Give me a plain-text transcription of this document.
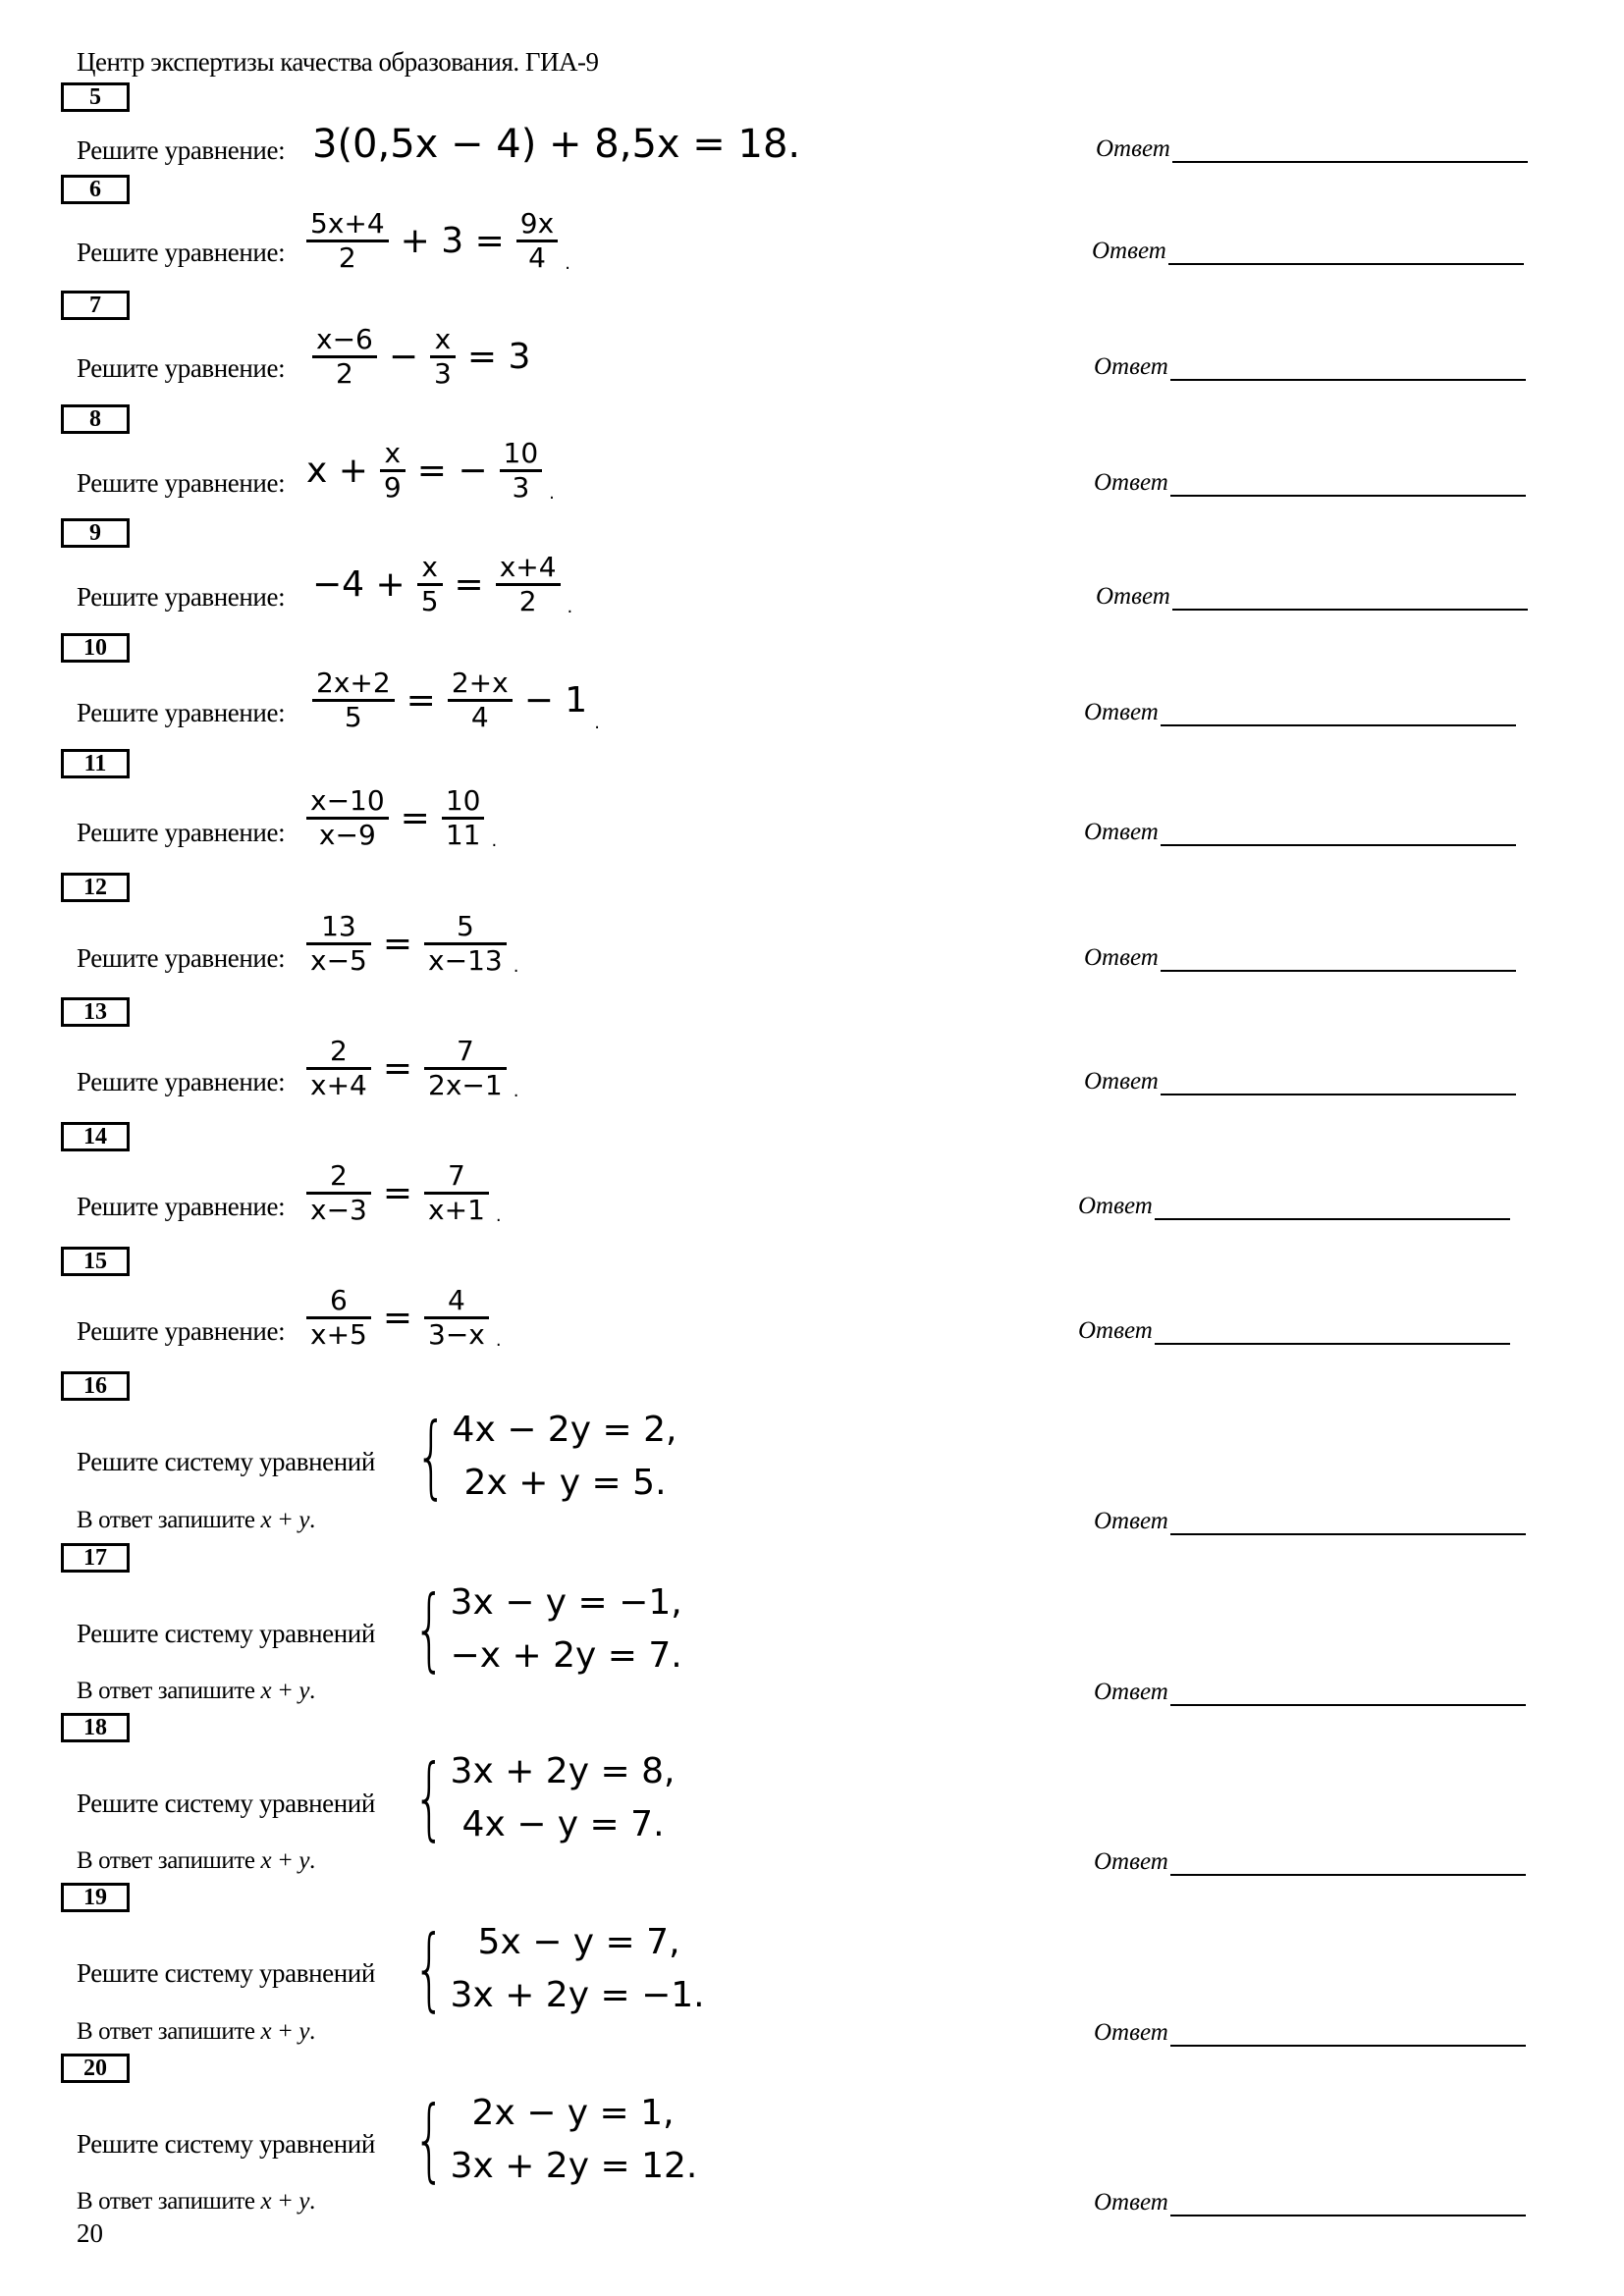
Центр экспертизы качества образования. ГИА-9
5
Решите уравнение: 3(0,5x − 4) + 8,5x = 18.	Ответ
6
Решите уравнение: $\frac{5x+4}{2} + 3 = \frac{9x}{4}$ .	Ответ
7
Решите уравнение: $\frac{x-6}{2} - \frac{x}{3} = 3$	Ответ
8
Решите уравнение: $x + \frac{x}{9}$ = − $\frac{10}{3}$ .	Ответ
9
Решите уравнение: $-4 + \frac{x}{5} = \frac{x+4}{2}$ .	Ответ
10
Решите уравнение: $\frac{2x+2}{5} = \frac{2+x}{4} - 1$
.	Ответ
11
Решите уравнение: $\frac{x-10}{x-9} = \frac{10}{11}$ .	Ответ
12
Решите уравнение: $\frac{13}{x-5} = \frac{5}{x-13}$ .	Ответ
13
Решите уравнение: $\frac{2}{x+4} = \frac{7}{2x-1}$ .	Ответ
14
Решите уравнение: $\frac{2}{x-3} = \frac{7}{x+1}$ .	Ответ
15
Решите уравнение: $\frac{6}{x+5} = \frac{4}{3-x}$ .	Ответ
16
Решите систему уравнений { 4x − 2y = 2,
2x + y = 5.
В ответ запишите x + y.	Ответ
17
Решите систему уравнений { 3x − y = −1,
−x + 2y = 7.
В ответ запишите x + y.	Ответ
18
Решите систему уравнений { 3x + 2y = 8,
4x − y = 7.
В ответ запишите x + y.	Ответ
19
Решите систему уравнений { 5x − y = 7,
3x + 2y = −1.
В ответ запишите x + y.	Ответ
20
Решите систему уравнений { 2x − y = 1,
3x + 2y = 12.
В ответ запишите x + y.	Ответ
20
